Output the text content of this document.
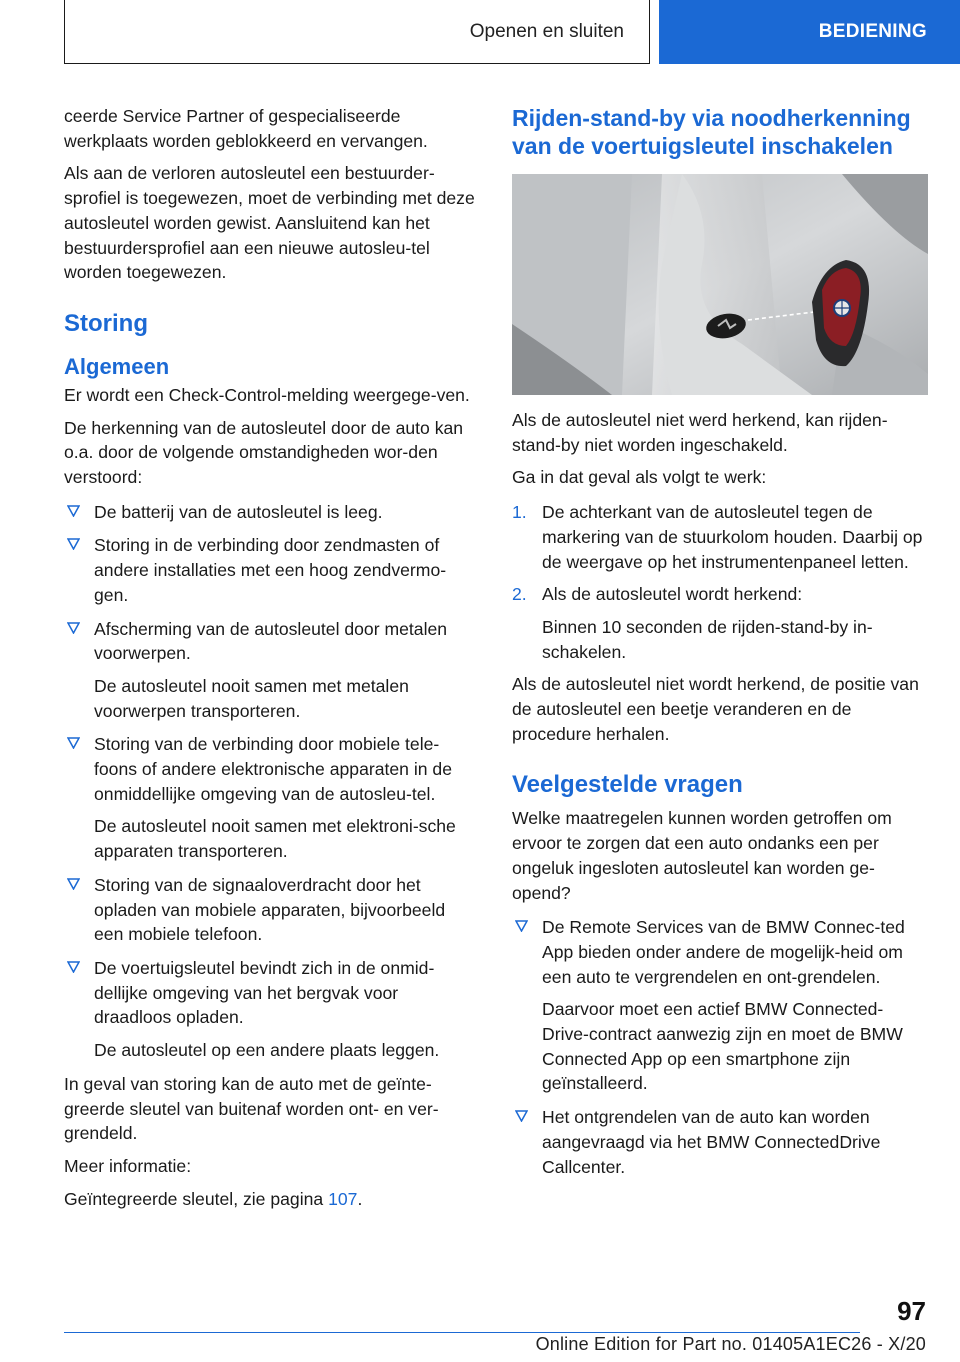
Openen en sluiten	BEDIENING

ceerde Service Partner of gespecialiseerde werkplaats worden geblokkeerd en vervangen.

Als aan de verloren autosleutel een bestuurder-sprofiel is toegewezen, moet de verbinding met deze autosleutel worden gewist. Aansluitend kan het bestuurdersprofiel aan een nieuwe autosleu-tel worden toegewezen.

Storing
Algemeen

Er wordt een Check-Control-melding weergege-ven.

De herkenning van de autosleutel door de auto kan o.a. door de volgende omstandigheden wor-den verstoord:

De batterij van de autosleutel is leeg.
Storing in de verbinding door zendmasten of andere installaties met een hoog zendvermo-gen.
Afscherming van de autosleutel door metalen voorwerpen.
De autosleutel nooit samen met metalen voorwerpen transporteren.
Storing van de verbinding door mobiele tele-foons of andere elektronische apparaten in de onmiddellijke omgeving van de autosleu-tel.
De autosleutel nooit samen met elektroni-sche apparaten transporteren.
Storing van de signaaloverdracht door het opladen van mobiele apparaten, bijvoorbeeld een mobiele telefoon.
De voertuigsleutel bevindt zich in de onmid-dellijke omgeving van het bergvak voor draadloos opladen.
De autosleutel op een andere plaats leggen.

In geval van storing kan de auto met de geïnte-greerde sleutel van buitenaf worden ont- en ver-grendeld.

Meer informatie:

Geïntegreerde sleutel, zie pagina 107.

Rijden-stand-by via noodherkenning van de voertuigsleutel inschakelen

Als de autosleutel niet werd herkend, kan rijden-stand-by niet worden ingeschakeld.

Ga in dat geval als volgt te werk:

1. De achterkant van de autosleutel tegen de markering van de stuurkolom houden. Daarbij op de weergave op het instrumentenpaneel letten.
2. Als de autosleutel wordt herkend:
Binnen 10 seconden de rijden-stand-by in-schakelen.

Als de autosleutel niet wordt herkend, de positie van de autosleutel een beetje veranderen en de procedure herhalen.

Veelgestelde vragen

Welke maatregelen kunnen worden getroffen om ervoor te zorgen dat een auto ondanks een per ongeluk ingesloten autosleutel kan worden ge-opend?

De Remote Services van de BMW Connec-ted App bieden onder andere de mogelijk-heid om een auto te vergrendelen en ont-grendelen.
Daarvoor moet een actief BMW Connected-Drive-contract aanwezig zijn en moet de BMW Connected App op een smartphone zijn geïnstalleerd.
Het ontgrendelen van de auto kan worden aangevraagd via het BMW ConnectedDrive Callcenter.
97
Online Edition for Part no. 01405A1EC26 - X/20
